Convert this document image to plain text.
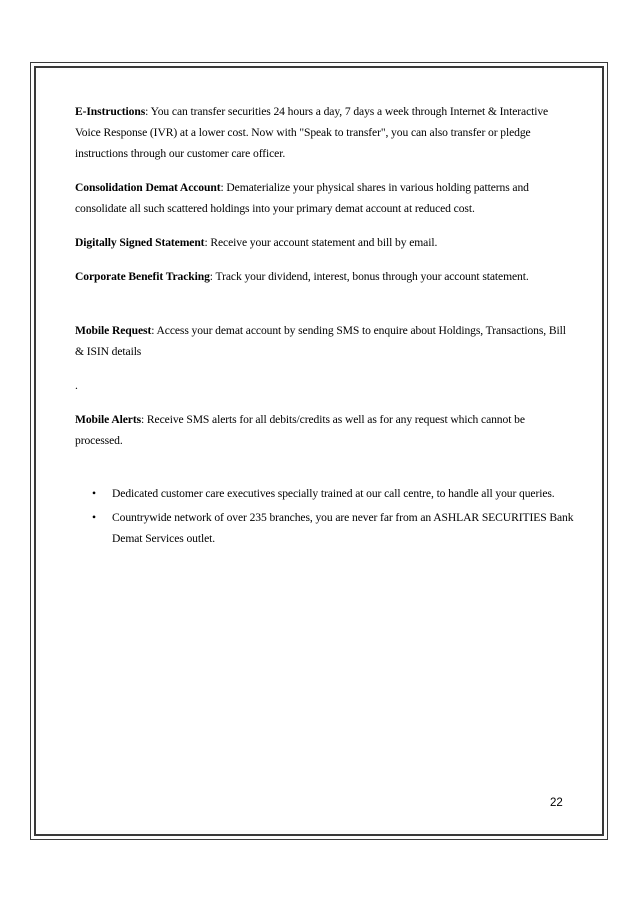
E-Instructions: You can transfer securities 24 hours a day, 7 days a week through Internet & Interactive Voice Response (IVR) at a lower cost. Now with "Speak to transfer", you can also transfer or pledge instructions through our customer care officer.

Consolidation Demat Account: Dematerialize your physical shares in various holding patterns and consolidate all such scattered holdings into your primary demat account at reduced cost.

Digitally Signed Statement: Receive your account statement and bill by email.

Corporate Benefit Tracking: Track your dividend, interest, bonus through your account statement.

Mobile Request: Access your demat account by sending SMS to enquire about Holdings, Transactions, Bill & ISIN details

.

Mobile Alerts: Receive SMS alerts for all debits/credits as well as for any request which cannot be processed.

• Dedicated customer care executives specially trained at our call centre, to handle all your queries.
• Countrywide network of over 235 branches, you are never far from an ASHLAR SECURITIES Bank Demat Services outlet.
22
